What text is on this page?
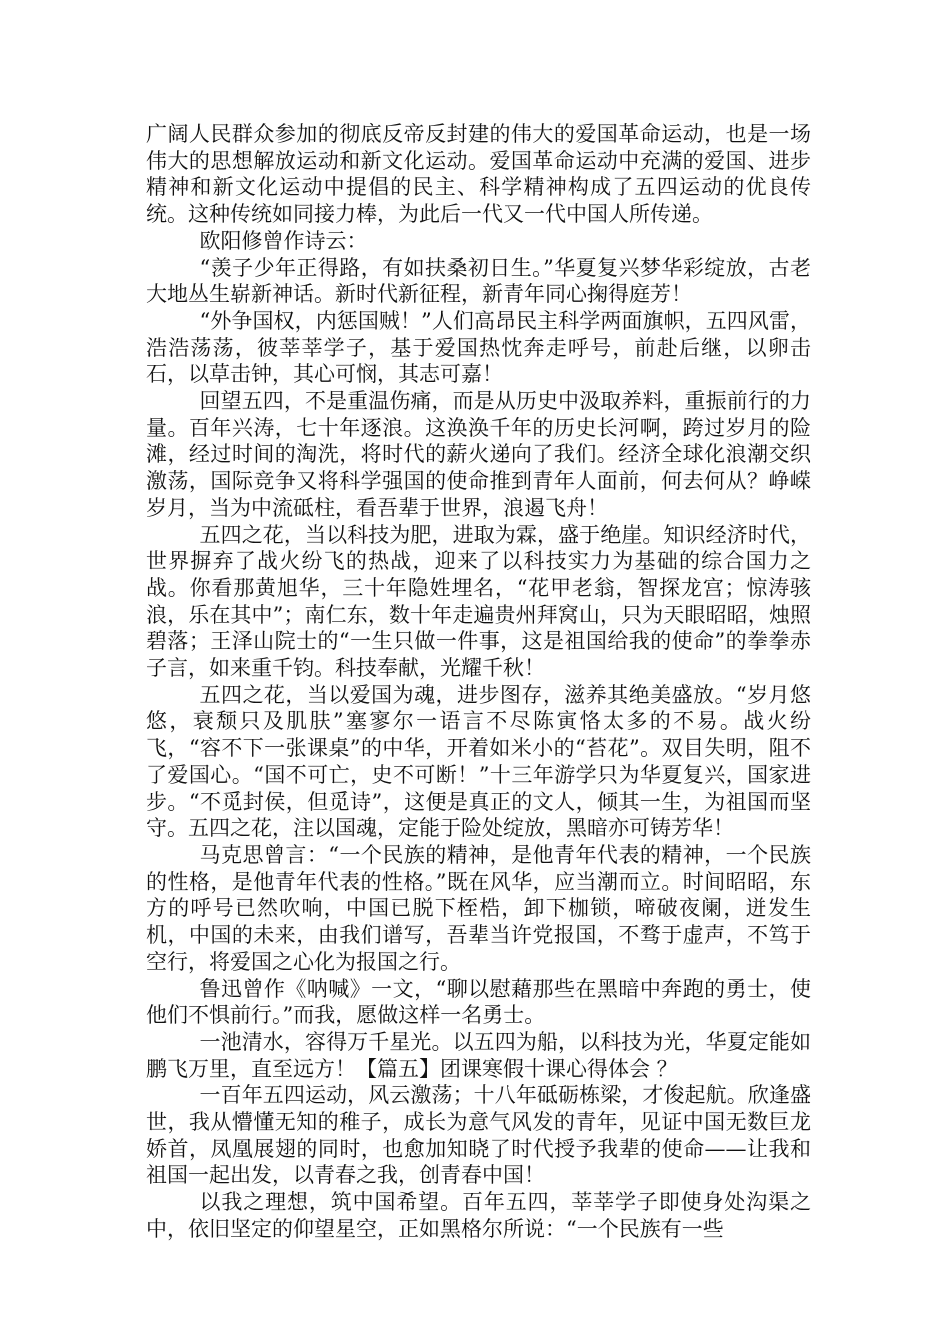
广阔人民群众参加的彻底反帝反封建的伟大的爱国革命运动，也是一场伟大的思想解放运动和新文化运动。爱国革命运动中充满的爱国、进步精神和新文化运动中提倡的民主、科学精神构成了五四运动的优良传统。这种传统如同接力棒，为此后一代又一代中国人所传递。

欧阳修曾作诗云：

“羡子少年正得路，有如扶桑初日生。”华夏复兴梦华彩绽放，古老大地丛生崭新神话。新时代新征程，新青年同心掬得庭芳！

“外争国权，内惩国贼！”人们高昂民主科学两面旗帜，五四风雷，浩浩荡荡，彼莘莘学子，基于爱国热忱奔走呼号，前赴后继，以卵击石，以草击钟，其心可悯，其志可嘉！

回望五四，不是重温伤痛，而是从历史中汲取养料，重振前行的力量。百年兴涛，七十年逐浪。这涣涣千年的历史长河啊，跨过岁月的险滩，经过时间的淘洗，将时代的薪火递向了我们。经济全球化浪潮交织激荡，国际竞争又将科学强国的使命推到青年人面前，何去何从？峥嵘岁月，当为中流砥柱，看吾辈于世界，浪遏飞舟！

五四之花，当以科技为肥，进取为霖，盛于绝崖。知识经济时代，世界摒弃了战火纷飞的热战，迎来了以科技实力为基础的综合国力之战。你看那黄旭华，三十年隐姓埋名，“花甲老翁，智探龙宫；惊涛骇浪，乐在其中”；南仁东，数十年走遍贵州拜窝山，只为天眼昭昭，烛照碧落；王泽山院士的“一生只做一件事，这是祖国给我的使命”的拳拳赤子言，如来重千钧。科技奉献，光耀千秋！

五四之花，当以爱国为魂，进步图存，滋养其绝美盛放。“岁月悠悠，衰颓只及肌肤”塞寥尔一语言不尽陈寅恪太多的不易。战火纷飞，“容不下一张课桌”的中华，开着如米小的“苔花”。双目失明，阻不了爱国心。“国不可亡，史不可断！”十三年游学只为华夏复兴，国家进步。“不觅封侯，但觅诗”，这便是真正的文人，倾其一生，为祖国而坚守。五四之花，注以国魂，定能于险处绽放，黑暗亦可铸芳华！

马克思曾言：“一个民族的精神，是他青年代表的精神，一个民族的性格，是他青年代表的性格。”既在风华，应当潮而立。时间昭昭，东方的呼号已然吹响，中国已脱下桎梏，卸下枷锁，啼破夜阑，迸发生机，中国的未来，由我们谱写，吾辈当许党报国，不骛于虚声，不笃于空行，将爱国之心化为报国之行。

鲁迅曾作《呐喊》一文，“聊以慰藉那些在黑暗中奔跑的勇士，使他们不惧前行。”而我，愿做这样一名勇士。

一池清水，容得万千星光。以五四为船，以科技为光，华夏定能如鹏飞万里，直至远方！【篇五】团课寒假十课心得体会 ？

一百年五四运动，风云激荡；十八年砥砺栋梁，才俊起航。欣逢盛世，我从懵懂无知的稚子，成长为意气风发的青年，见证中国无数巨龙娇首，凤凰展翅的同时，也愈加知晓了时代授予我辈的使命——让我和祖国一起出发，以青春之我，创青春中国！

以我之理想，筑中国希望。百年五四，莘莘学子即使身处沟渠之中，依旧坚定的仰望星空，正如黑格尔所说：“一个民族有一些
